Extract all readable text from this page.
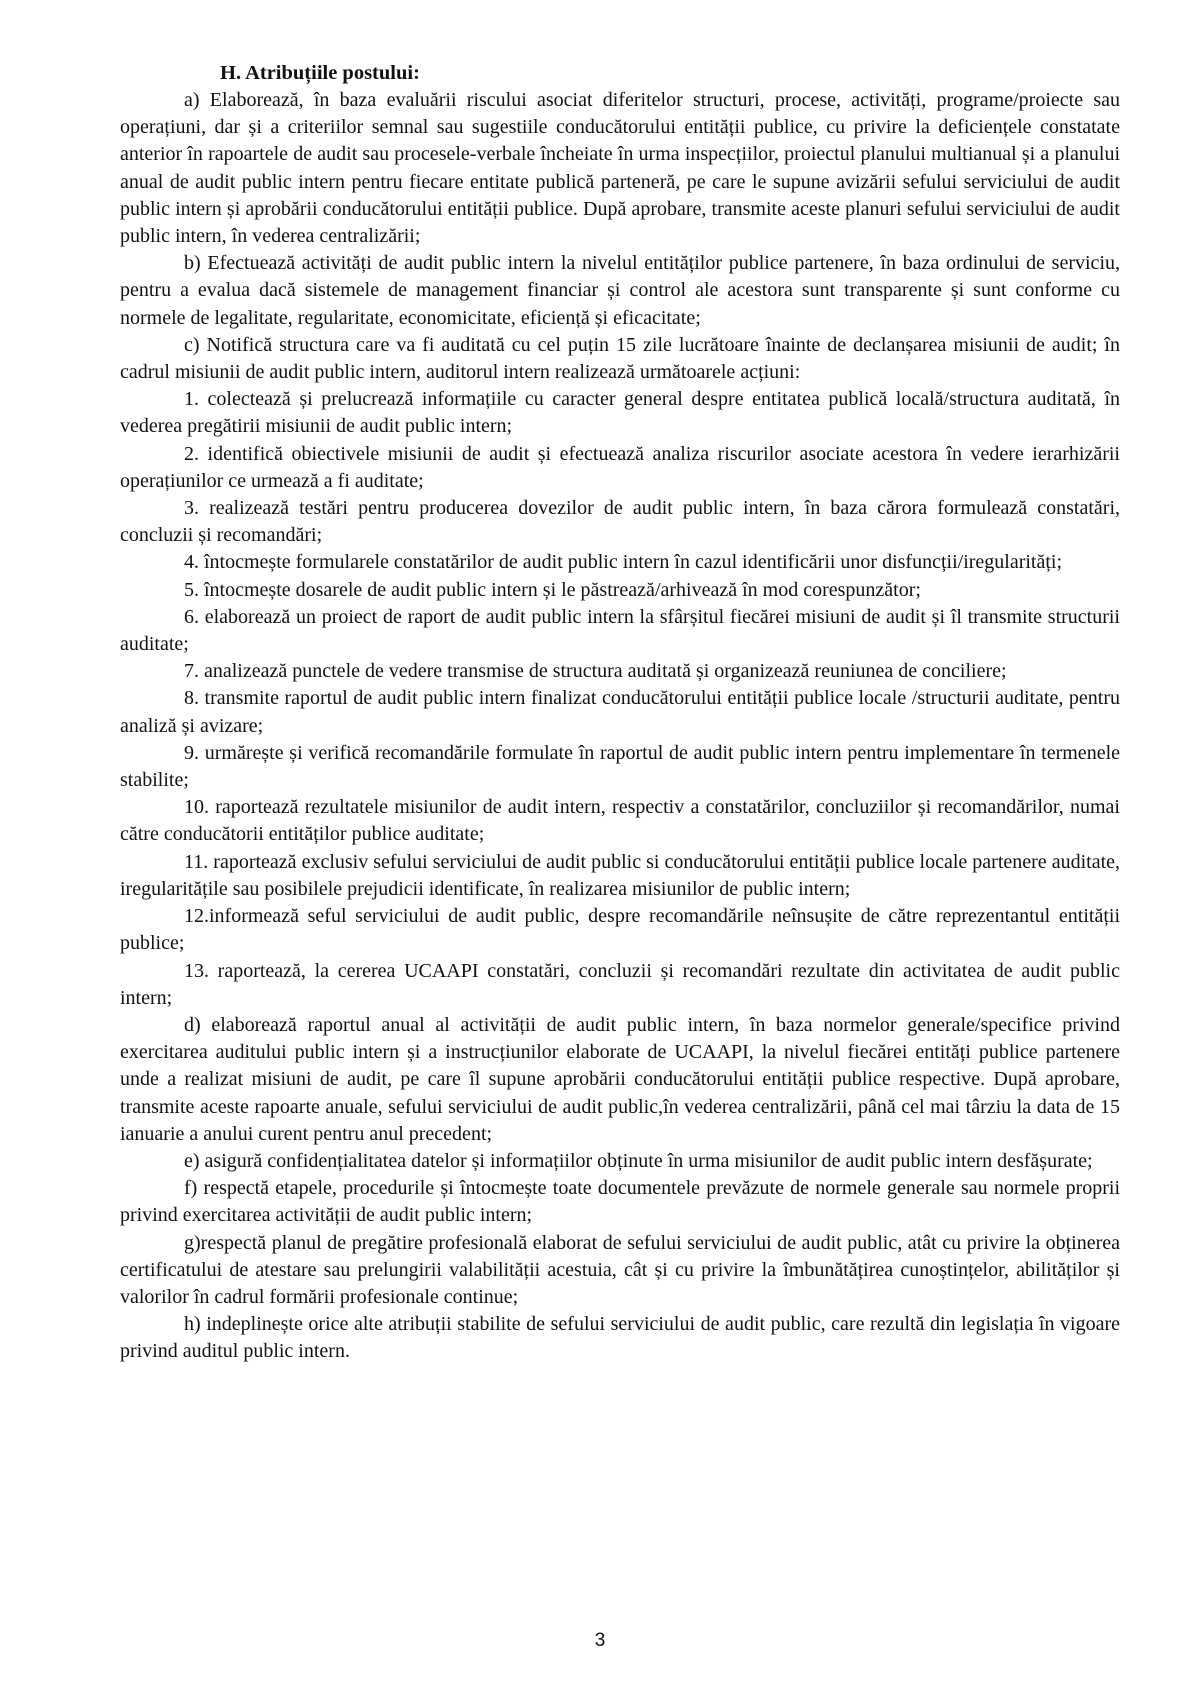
H. Atribuțiile postului:

a) Elaborează, în baza evaluării riscului asociat diferitelor structuri, procese, activități, programe/proiecte sau operațiuni, dar și a criteriilor semnal sau sugestiile conducătorului entității publice, cu privire la deficiențele constatate anterior în rapoartele de audit sau procesele-verbale încheiate în urma inspecțiilor, proiectul planului multianual și a planului anual de audit public intern pentru fiecare entitate publică parteneră, pe care le supune avizării sefului serviciului de audit public intern și aprobării conducătorului entității publice. După aprobare, transmite aceste planuri sefului serviciului de audit public intern, în vederea centralizării;

b) Efectuează activități de audit public intern la nivelul entităților publice partenere, în baza ordinului de serviciu, pentru a evalua dacă sistemele de management financiar și control ale acestora sunt transparente și sunt conforme cu normele de legalitate, regularitate, economicitate, eficiență și eficacitate;

c) Notifică structura care va fi auditată cu cel puțin 15 zile lucrătoare înainte de declanșarea misiunii de audit; în cadrul misiunii de audit public intern, auditorul intern realizează următoarele acțiuni:

1. colectează și prelucrează informațiile cu caracter general despre entitatea publică locală/structura auditată, în vederea pregătirii misiunii de audit public intern;

2. identifică obiectivele misiunii de audit și efectuează analiza riscurilor asociate acestora în vedere ierarhizării operațiunilor ce urmează a fi auditate;

3. realizează testări pentru producerea dovezilor de audit public intern, în baza cărora formulează constatări, concluzii și recomandări;

4. întocmește formularele constatărilor de audit public intern în cazul identificării unor disfuncții/iregularități;

5. întocmește dosarele de audit public intern și le păstrează/arhivează în mod corespunzător;

6. elaborează un proiect de raport de audit public intern la sfârșitul fiecărei misiuni de audit și îl transmite structurii auditate;

7. analizează punctele de vedere transmise de structura auditată și organizează reuniunea de conciliere;

8. transmite raportul de audit public intern finalizat conducătorului entității publice locale /structurii auditate, pentru analiză și avizare;

9. urmărește și verifică recomandările formulate în raportul de audit public intern pentru implementare în termenele stabilite;

10. raportează rezultatele misiunilor de audit intern, respectiv a constatărilor, concluziilor și recomandărilor, numai către conducătorii entităților publice auditate;

11. raportează exclusiv sefului serviciului de audit public si conducătorului entității publice locale partenere auditate, iregularitățile sau posibilele prejudicii identificate, în realizarea misiunilor de public intern;

12.informează seful serviciului de audit public, despre recomandările neînsușite de către reprezentantul entității publice;

13. raportează, la cererea UCAAPI constatări, concluzii și recomandări rezultate din activitatea de audit public intern;

d) elaborează raportul anual al activității de audit public intern, în baza normelor generale/specifice privind exercitarea auditului public intern și a instrucțiunilor elaborate de UCAAPI, la nivelul fiecărei entități publice partenere unde a realizat misiuni de audit, pe care îl supune aprobării conducătorului entității publice respective. După aprobare, transmite aceste rapoarte anuale, sefului serviciului de audit public,în vederea centralizării, până cel mai târziu la data de 15 ianuarie a anului curent pentru anul precedent;

e) asigură confidențialitatea datelor și informațiilor obținute în urma misiunilor de audit public intern desfășurate;

f) respectă etapele, procedurile și întocmește toate documentele prevăzute de normele generale sau normele proprii privind exercitarea activității de audit public intern;

g)respectă planul de pregătire profesională elaborat de sefului serviciului de audit public, atât cu privire la obținerea certificatului de atestare sau prelungirii valabilității acestuia, cât și cu privire la îmbunătățirea cunoștințelor, abilităților și valorilor în cadrul formării profesionale continue;

h) indeplinește orice alte atribuții stabilite de sefului serviciului de audit public, care rezultă din legislația în vigoare privind auditul public intern.

3
